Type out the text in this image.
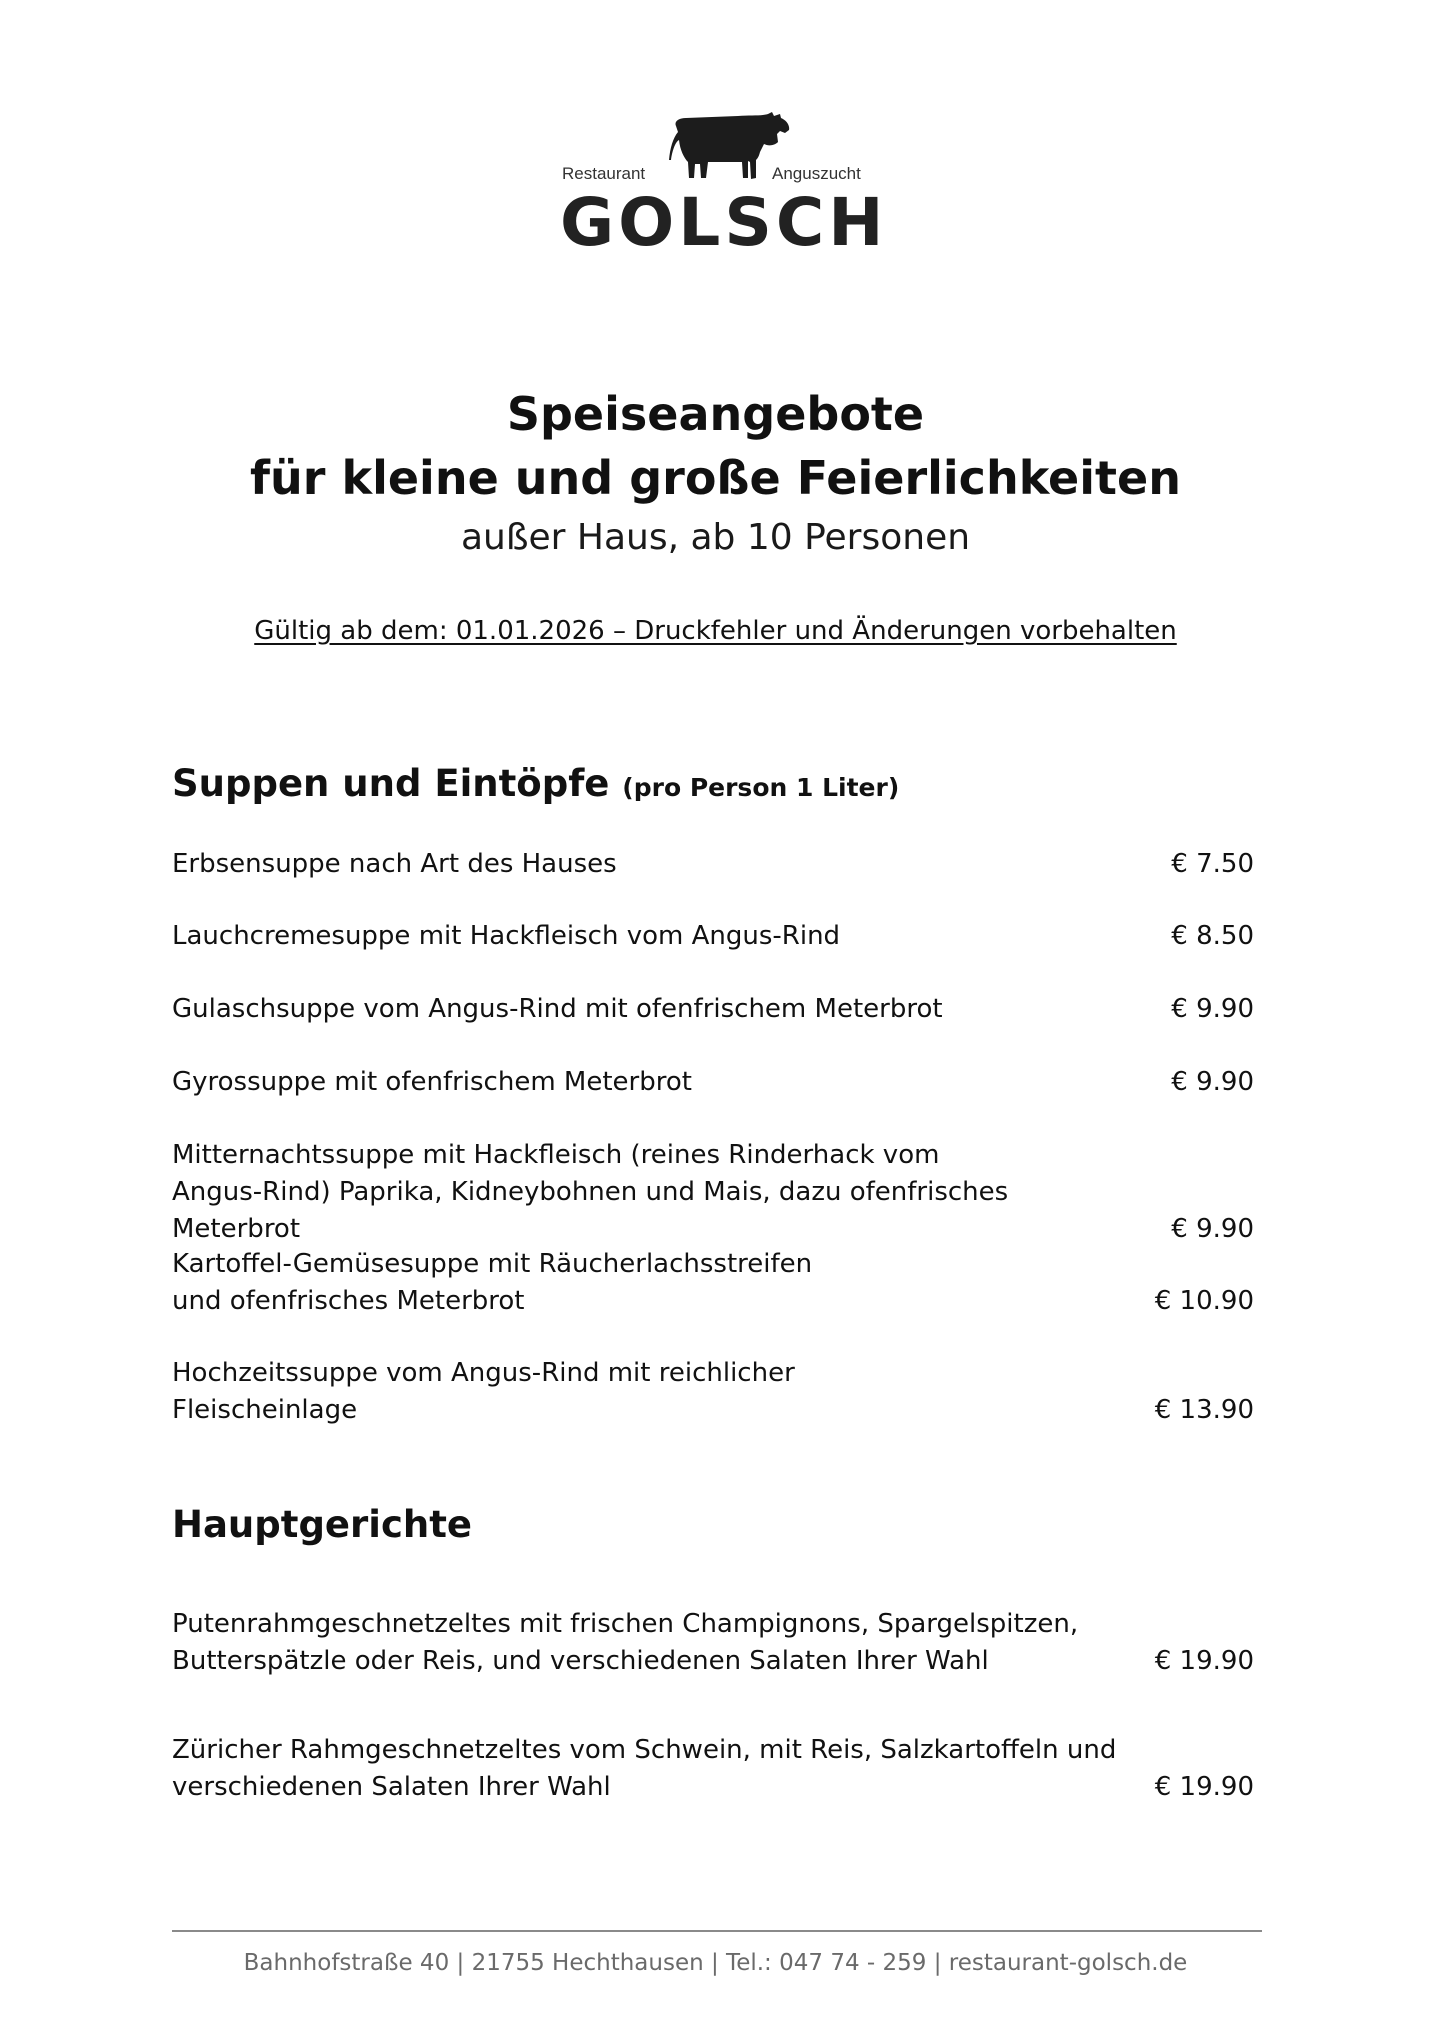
Restaurant	Anguszucht
GOLSCH
Speiseangebote
für kleine und große Feierlichkeiten
außer Haus, ab 10 Personen
Gültig ab dem: 01.01.2026 – Druckfehler und Änderungen vorbehalten
Suppen und Eintöpfe (pro Person 1 Liter)
Erbsensuppe nach Art des Hauses	€ 7.50
Lauchcremesuppe mit Hackfleisch vom Angus-Rind	€ 8.50
Gulaschsuppe vom Angus-Rind mit ofenfrischem Meterbrot	€ 9.90
Gyrossuppe mit ofenfrischem Meterbrot	€ 9.90
Mitternachtssuppe mit Hackfleisch (reines Rinderhack vom
Angus-Rind) Paprika, Kidneybohnen und Mais, dazu ofenfrisches Meterbrot	€ 9.90
Kartoffel-Gemüsesuppe mit Räucherlachsstreifen
und ofenfrisches Meterbrot	€ 10.90
Hochzeitssuppe vom Angus-Rind mit reichlicher
Fleischeinlage	€ 13.90
Hauptgerichte
Putenrahmgeschnetzeltes mit frischen Champignons, Spargelspitzen,
Butterspätzle oder Reis, und verschiedenen Salaten Ihrer Wahl	€ 19.90
Züricher Rahmgeschnetzeltes vom Schwein, mit Reis, Salzkartoffeln und
verschiedenen Salaten Ihrer Wahl	€ 19.90
Bahnhofstraße 40 | 21755 Hechthausen | Tel.: 047 74 - 259 | restaurant-golsch.de
